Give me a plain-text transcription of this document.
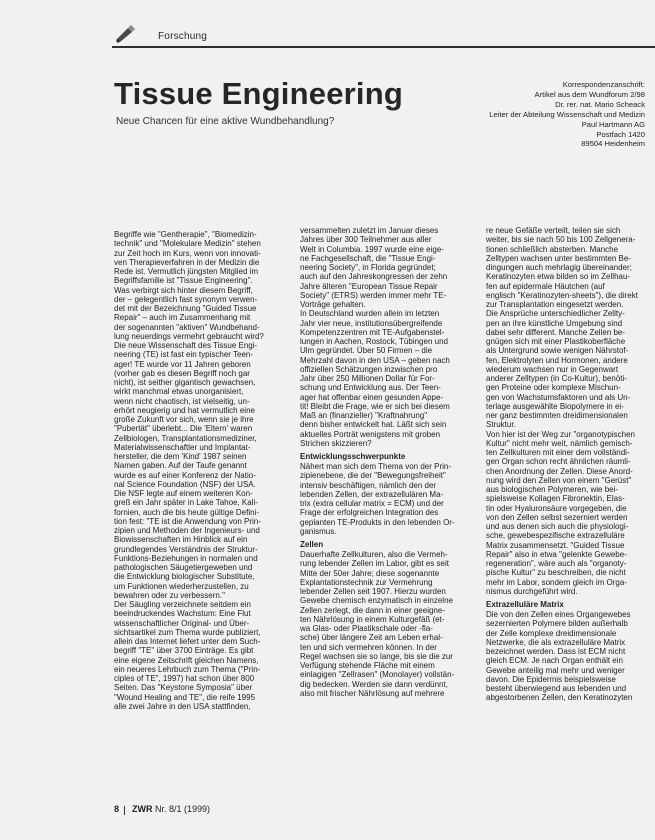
Forschung
Tissue Engineering
Neue Chancen für eine aktive Wundbehandlung?
Korrespondenzanschrift:
Artikel aus dem Wundforum 2/98
Dr. rer. nat. Mario Scheack
Leiter der Abteilung Wissenschaft und Medizin
Paul Hartmann AG
Postfach 1420
89504 Heidenheim
Begriffe wie "Gentherapie", "Biomedizin-
technik" und "Molekulare Medizin" stehen
zur Zeit hoch im Kurs, wenn von innovati-
ven Therapieverfahren in der Medizin die
Rede ist. Vermutlich jüngsten Mitglied im
Begriffsfamilie ist "Tissue Engineering".
Was verbirgt sich hinter diesem Begriff,
der – gelegentlich fast synonym verwen-
det mit der Bezeichnung "Guided Tissue
Repair" – auch im Zusammenhang mit
der sogenannten "aktiven" Wundbehand-
lung neuerdings vermehrt gebraucht wird?
Die neue Wissenschaft des Tissue Engi-
neering (TE) ist fast ein typischer Teen-
ager! TE wurde vor 11 Jahren geboren
(vorher gab es diesen Begriff noch gar
nicht), ist seither gigantisch gewachsen,
wirkt manchmal etwas unorganisiert,
wenn nicht chaotisch, ist vielseitig, un-
erhört neugierig und hat vermutlich eine
große Zukunft vor sich, wenn sie je ihre
"Pubertät" überlebt... Die 'Eltern' waren
Zellbiologen, Transplantationsmediziner,
Materialwissenschaftler und Implantat-
hersteller, die dem 'Kind' 1987 seinen
Namen gaben. Auf der Taufe genannt
wurde es auf einer Konferenz der Natio-
nal Science Foundation (NSF) der USA.
Die NSF legte auf einem weiteren Kon-
greß ein Jahr später in Lake Tahoe, Kali-
fornien, auch die bis heute gültige Defini-
tion fest: "TE ist die Anwendung von Prin-
zipien und Methoden der Ingenieurs- und
Biowissenschaften im Hinblick auf ein
grundlegendes Verständnis der Struktur-
Funktions-Beziehungen in normalen und
pathologischen Säugetiergeweben und
die Entwicklung biologischer Substitute,
um Funktionen wiederherzustellen, zu
bewahren oder zu verbessern."
Der Säugling verzeichnete seitdem ein
beeindruckendes Wachstum: Eine Flut
wissenschaftlicher Original- und Über-
sichtsartikel zum Thema wurde publiziert,
allein das Internet liefert unter dem Such-
begriff "TE" über 3700 Einträge. Es gibt
eine eigene Zeitschrift gleichen Namens,
ein neueres Lehrbuch zum Thema ("Prin-
ciples of TE", 1997) hat schon über 800
Seiten. Das "Keystone Symposia" über
"Wound Healing and TE", die reife 1995
alle zwei Jahre in den USA stattfinden,
versammelten zuletzt im Januar dieses
Jahres über 300 Teilnehmer aus aller
Welt in Columbia. 1997 wurde eine eige-
ne Fachgesellschaft, die "Tissue Engi-
neering Society", in Florida gegründet;
auch auf den Jahreskongressen der zehn
Jahre älteren "European Tissue Repair
Society" (ETRS) werden immer mehr TE-
Vorträge gehalten.
In Deutschland wurden allein im letzten
Jahr vier neue, institutionsübergreifende
Kompetenzzentren mit TE-Aufgabenstel-
lungen in Aachen, Rostock, Tübingen und
Ulm gegründet. Über 50 Firmen – die
Mehrzahl davon in den USA – geben nach
offiziellen Schätzungen inzwischen pro
Jahr über 250 Millionen Dollar für For-
schung und Entwicklung aus. Der Teen-
ager hat offenbar einen gesunden Appe-
tit! Bleibt die Frage, wie er sich bei diesem
Maß an (finanzieller) "Kraftnahrung"
denn bisher entwickelt hat. Läßt sich sein
aktuelles Porträt wenigstens mit groben
Strichen skizzieren?
Entwicklungsschwerpunkte
Nähert man sich dem Thema von der Prin-
zipienebene, die der "Bewegungsfreiheit"
intensiv beschäftigen, nämlich den der
lebenden Zellen, der extrazellulären Ma-
trix (extra cellular matrix = ECM) und der
Frage der erfolgreichen Integration des
geplanten TE-Produkts in den lebenden Or-
ganismus.
Zellen
Dauerhafte Zellkulturen, also die Vermeh-
rung lebender Zellen im Labor, gibt es seit
Mitte der 50er Jahre; diese sogenannte
Explantationstechnik zur Vermehrung
lebender Zellen seit 1907. Hierzu wurden
Gewebe chemisch enzymatisch in einzelne
Zellen zerlegt, die dann in einer geeigne-
ten Nährlösung in einem Kulturgefäß (et-
wa Glas- oder Plastikschale oder -fla-
sche) über längere Zeit am Leben erhal-
ten und sich vermehren können. In der
Regel wachsen sie so lange, bis sie die zur
Verfügung stehende Fläche mit einem
einlagigen "Zellrasen" (Monolayer) vollstän-
dig bedecken. Werden sie dann verdünnt,
also mit frischer Nährlösung auf mehrere
re neue Gefäße verteilt, teilen sie sich
weiter, bis sie nach 50 bis 100 Zellgenera-
tionen schließlich absterben. Manche
Zelltypen wachsen unter bestimmten Be-
dingungen auch mehrlagig übereinander;
Keratinozyten etwa bilden so im Zellhau-
fen auf epidermale Häutchen (auf
englisch "Keratinozyten-sheets"), die direkt
zur Transplantation eingesetzt werden.
Die Ansprüche unterschiedlicher Zellty-
pen an ihre künstliche Umgebung sind
dabei sehr different. Manche Zellen be-
gnügen sich mit einer Plastikoberfläche
als Untergrund sowie wenigen Nährstof-
fen, Elektrolyten und Hormonen, andere
wiederum wachsen nur in Gegenwart
anderer Zelltypen (in Co-Kultur), benöti-
gen Proteine oder komplexe Mischun-
gen von Wachstumsfaktoren und als Un-
terlage ausgewählte Biopolymere in ei-
ner ganz bestimmten dreidimensionalen
Struktur.
Von hier ist der Weg zur "organotypischen
Kultur" nicht mehr weit, nämlich gemisch-
ten Zellkulturen mit einer dem vollständi-
gen Organ schon recht ähnlichen räumli-
chen Anordnung der Zellen. Diese Anord-
nung wird den Zellen von einem "Gerüst"
aus biologischen Polymeren, wie bei-
spielsweise Kollagen Fibronektin, Elas-
tin oder Hyaluronsäure vorgegeben, die
von den Zellen selbst sezerniert werden
und aus denen sich auch die physiologi-
sche, gewebespezifische extrazelluläre
Matrix zusammensetzt. "Guided Tissue
Repair" also in etwa "gelenkte Gewebe-
regeneration", wäre auch als "organoty-
pische Kultur" zu beschreiben, die nicht
mehr im Labor, sondern gleich im Orga-
nismus durchgeführt wird.
Extrazelluläre Matrix
Die von den Zellen eines Organgewebes
sezernierten Polymere bilden außerhalb
der Zelle komplexe dreidimensionale
Netzwerke, die als extrazelluläre Matrix
bezeichnet werden. Dass ist ECM nicht
gleich ECM. Je nach Organ enthält ein
Gewebe anteilig mal mehr und weniger
davon. Die Epidermis beispielsweise
besteht überwiegend aus lebenden und
abgestorbenen Zellen, den Keratinozyten
8 ZWR Nr. 8/1 (1999)
